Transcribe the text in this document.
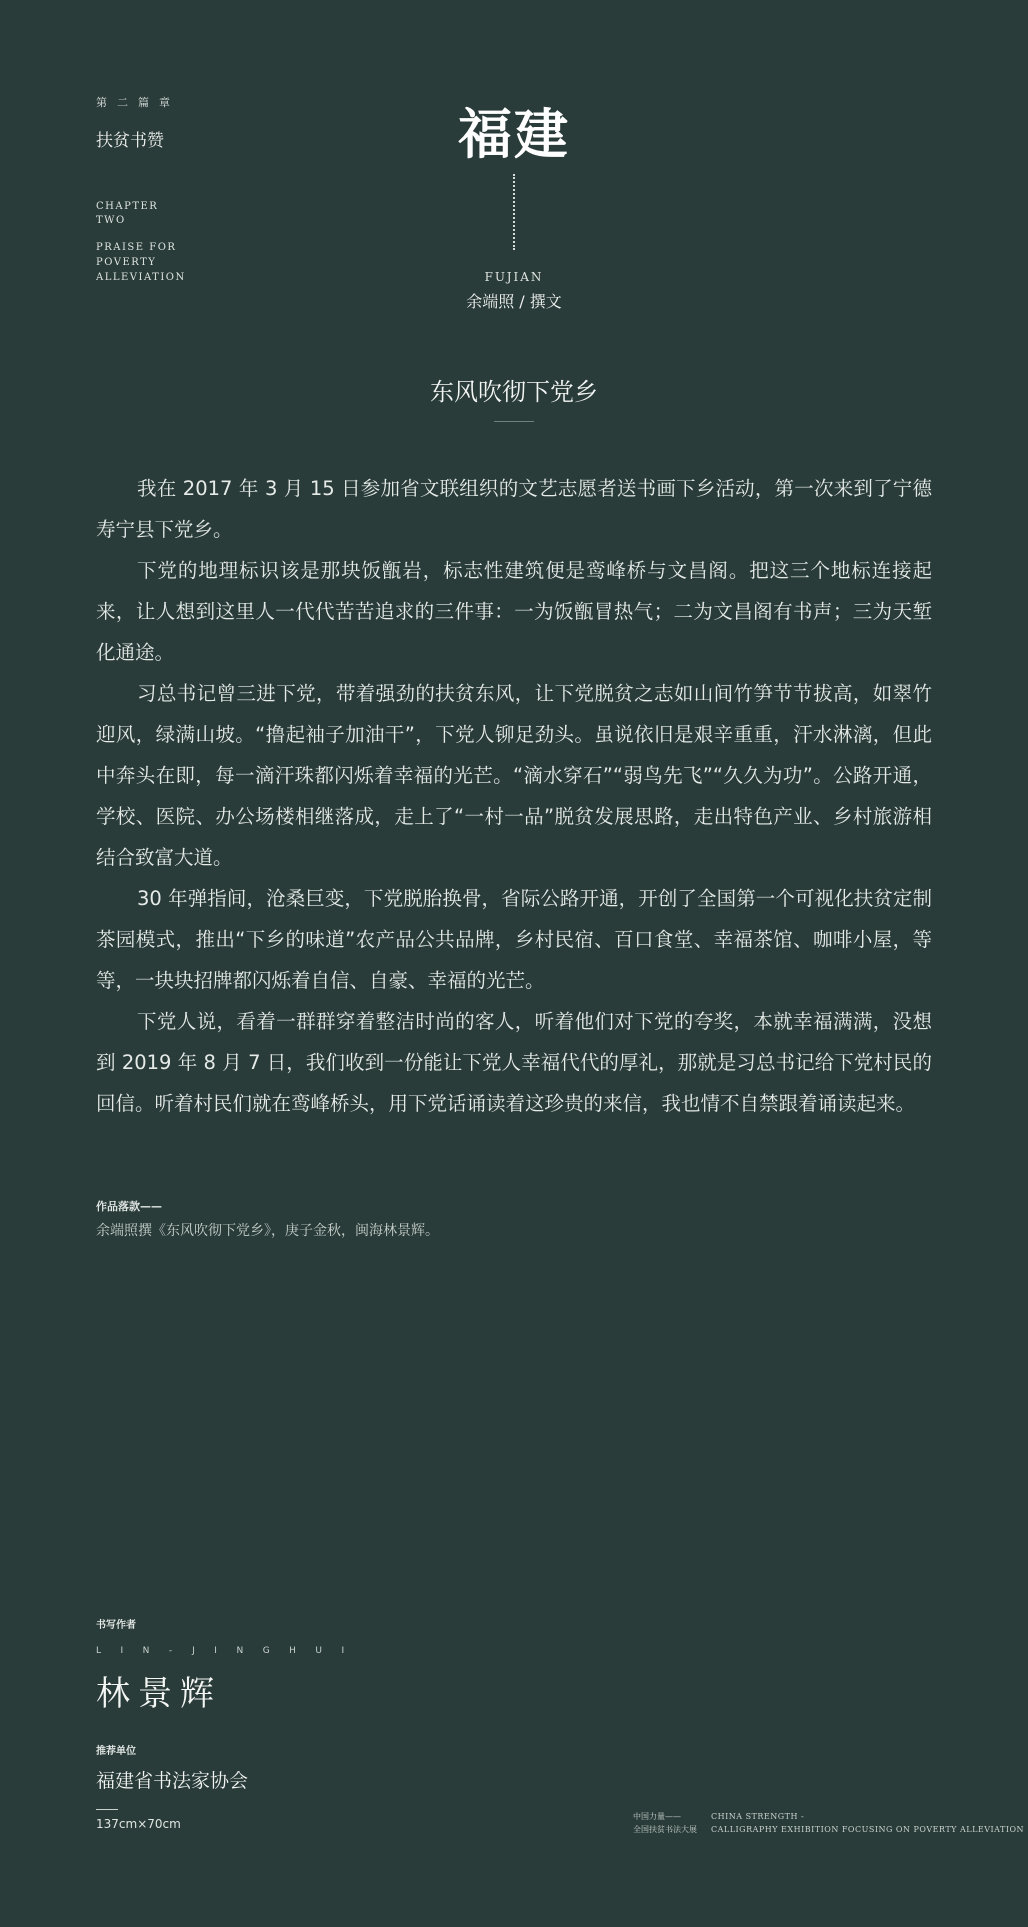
第二篇章
扶贫书赞
CHAPTER
TWO
PRAISE FOR
POVERTY
ALLEVIATION
福建
FUJIAN
余端照 / 撰文
东风吹彻下党乡

我在 2017 年 3 月 15 日参加省文联组织的文艺志愿者送书画下乡活动，第一次来到了宁德寿宁县下党乡。

下党的地理标识该是那块饭甑岩，标志性建筑便是鸾峰桥与文昌阁。把这三个地标连接起来，让人想到这里人一代代苦苦追求的三件事：一为饭甑冒热气；二为文昌阁有书声；三为天堑化通途。

习总书记曾三进下党，带着强劲的扶贫东风，让下党脱贫之志如山间竹笋节节拔高，如翠竹迎风，绿满山坡。“撸起袖子加油干”，下党人铆足劲头。虽说依旧是艰辛重重，汗水淋漓，但此中奔头在即，每一滴汗珠都闪烁着幸福的光芒。“滴水穿石”“弱鸟先飞”“久久为功”。公路开通，学校、医院、办公场楼相继落成，走上了“一村一品”脱贫发展思路，走出特色产业、乡村旅游相结合致富大道。

30 年弹指间，沧桑巨变，下党脱胎换骨，省际公路开通，开创了全国第一个可视化扶贫定制茶园模式，推出“下乡的味道”农产品公共品牌，乡村民宿、百口食堂、幸福茶馆、咖啡小屋，等等，一块块招牌都闪烁着自信、自豪、幸福的光芒。

下党人说，看着一群群穿着整洁时尚的客人，听着他们对下党的夸奖，本就幸福满满，没想到 2019 年 8 月 7 日，我们收到一份能让下党人幸福代代的厚礼，那就是习总书记给下党村民的回信。听着村民们就在鸾峰桥头，用下党话诵读着这珍贵的来信，我也情不自禁跟着诵读起来。

作品落款——
余端照撰《东风吹彻下党乡》，庚子金秋，闽海林景辉。
书写作者
LIN-JINGHUI
林景辉
推荐单位
福建省书法家协会
137cm×70cm
中国力量——
全国扶贫书法大展
CHINA STRENGTH -
CALLIGRAPHY EXHIBITION FOCUSING ON POVERTY ALLEVIATION
